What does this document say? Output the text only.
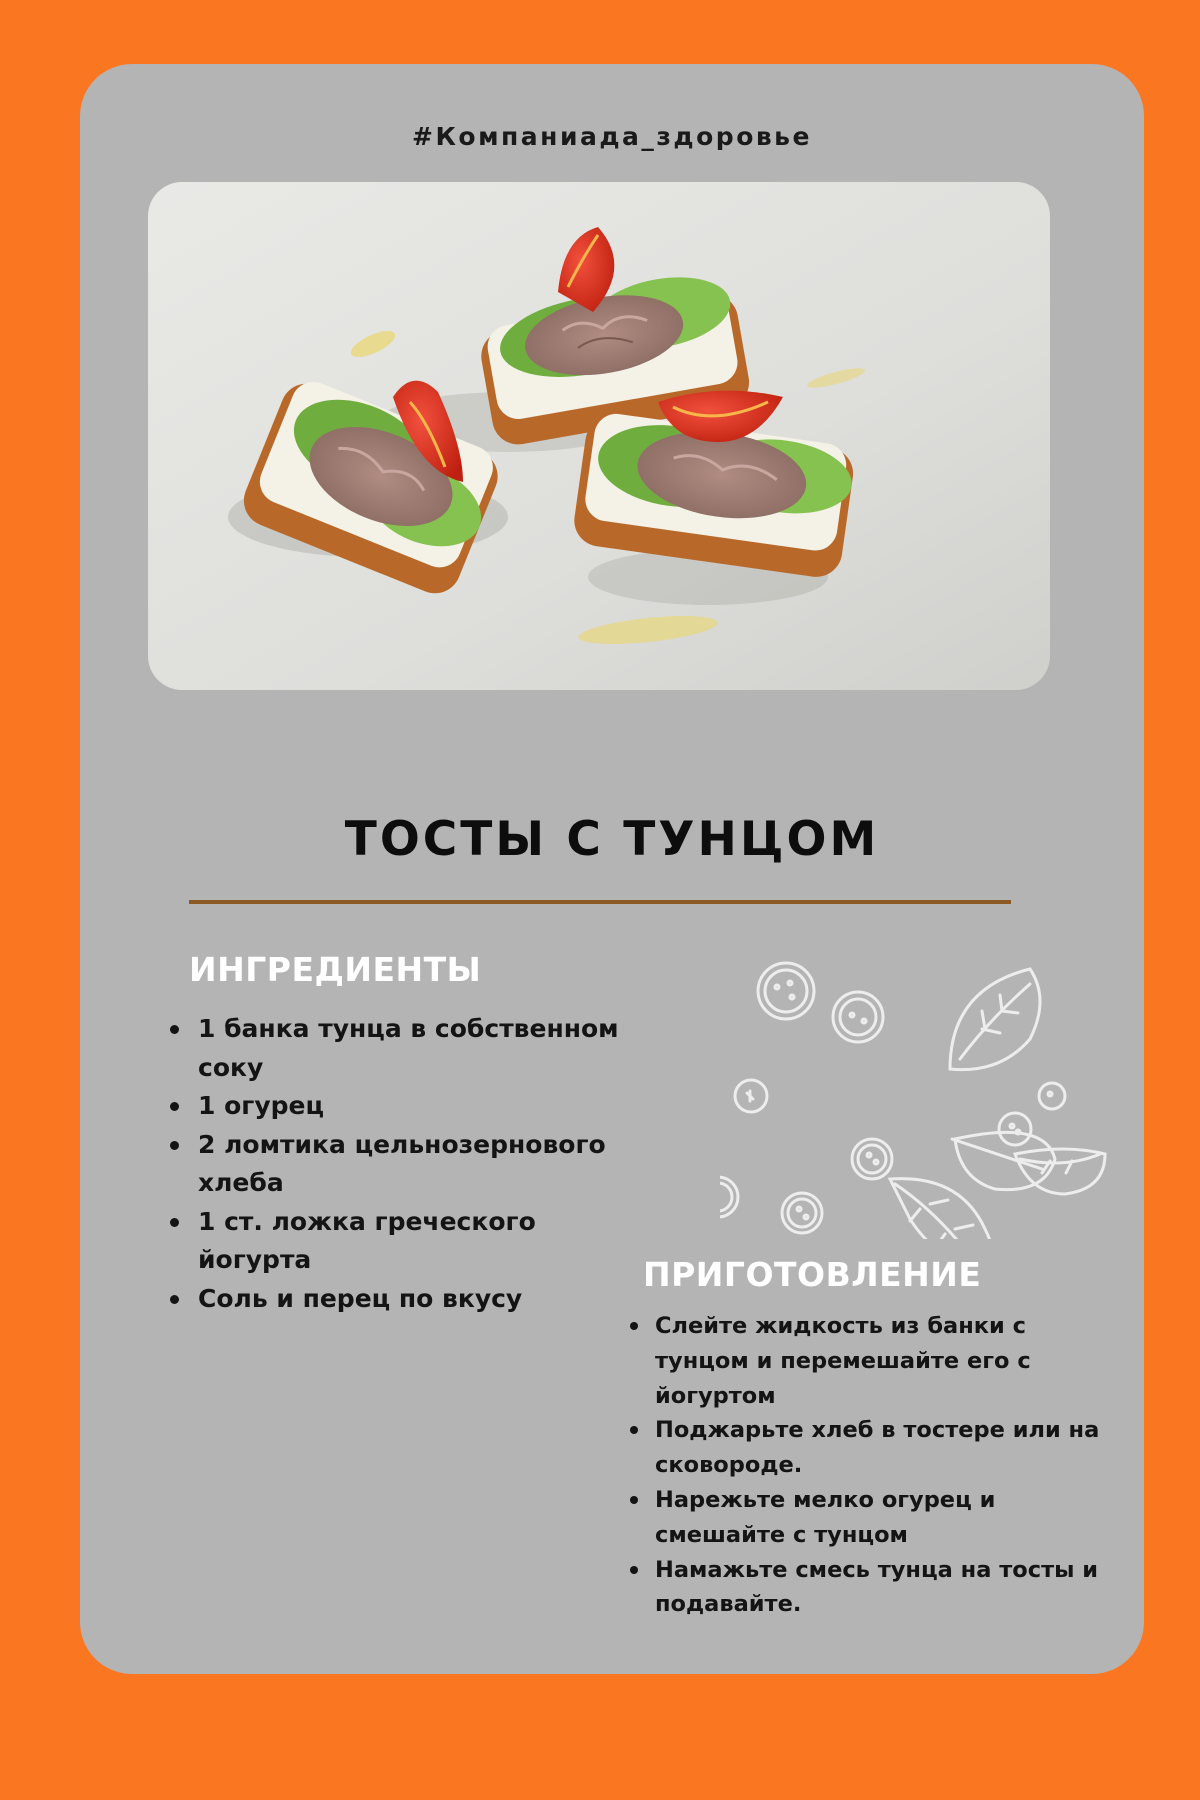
#Компаниада_здоровье
ТОСТЫ С ТУНЦОМ
ИНГРЕДИЕНТЫ
1 банка тунца в собственном соку
1 огурец
2 ломтика цельнозернового хлеба
1 ст. ложка греческого йогурта
Соль и перец по вкусу
ПРИГОТОВЛЕНИЕ
Слейте жидкость из банки с тунцом и перемешайте его с йогуртом
Поджарьте хлеб в тостере или на сковороде.
Нарежьте мелко огурец и смешайте с тунцом
Намажьте смесь тунца на тосты и подавайте.
